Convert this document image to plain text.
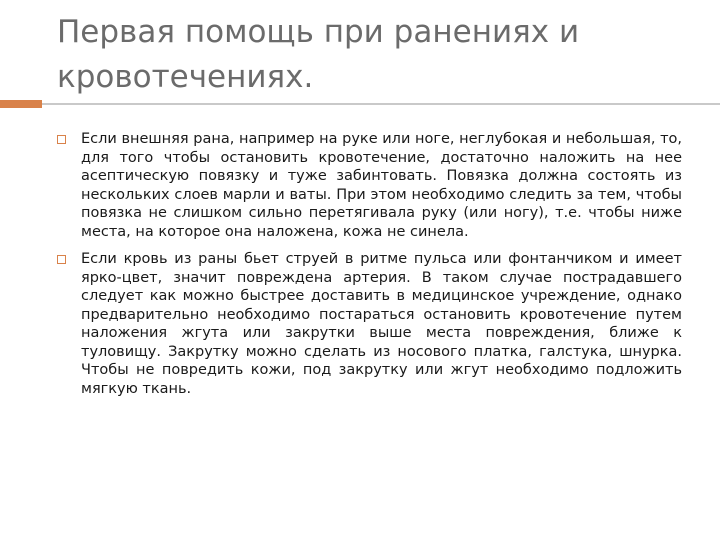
Первая помощь при ранениях и кровотечениях.
Если внешняя рана, например на руке или ноге, неглубокая и небольшая, то, для того чтобы остановить кровотечение, достаточно наложить на нее асептическую повязку и туже забинтовать. Повязка должна состоять из нескольких слоев марли и ваты. При этом необходимо следить за тем, чтобы повязка не слишком сильно перетягивала руку (или ногу), т.е. чтобы ниже места, на которое она наложена, кожа не синела.
Если кровь из раны бьет струей в ритме пульса или фонтанчиком и имеет ярко-цвет, значит повреждена артерия. В таком случае пострадавшего следует как можно быстрее доставить в медицинское учреждение, однако предварительно необходимо постараться остановить кровотечение путем наложения жгута или закрутки выше места повреждения, ближе к туловищу. Закрутку можно сделать из носового платка, галстука, шнурка. Чтобы не повредить кожи, под закрутку или жгут необходимо подложить мягкую ткань.
